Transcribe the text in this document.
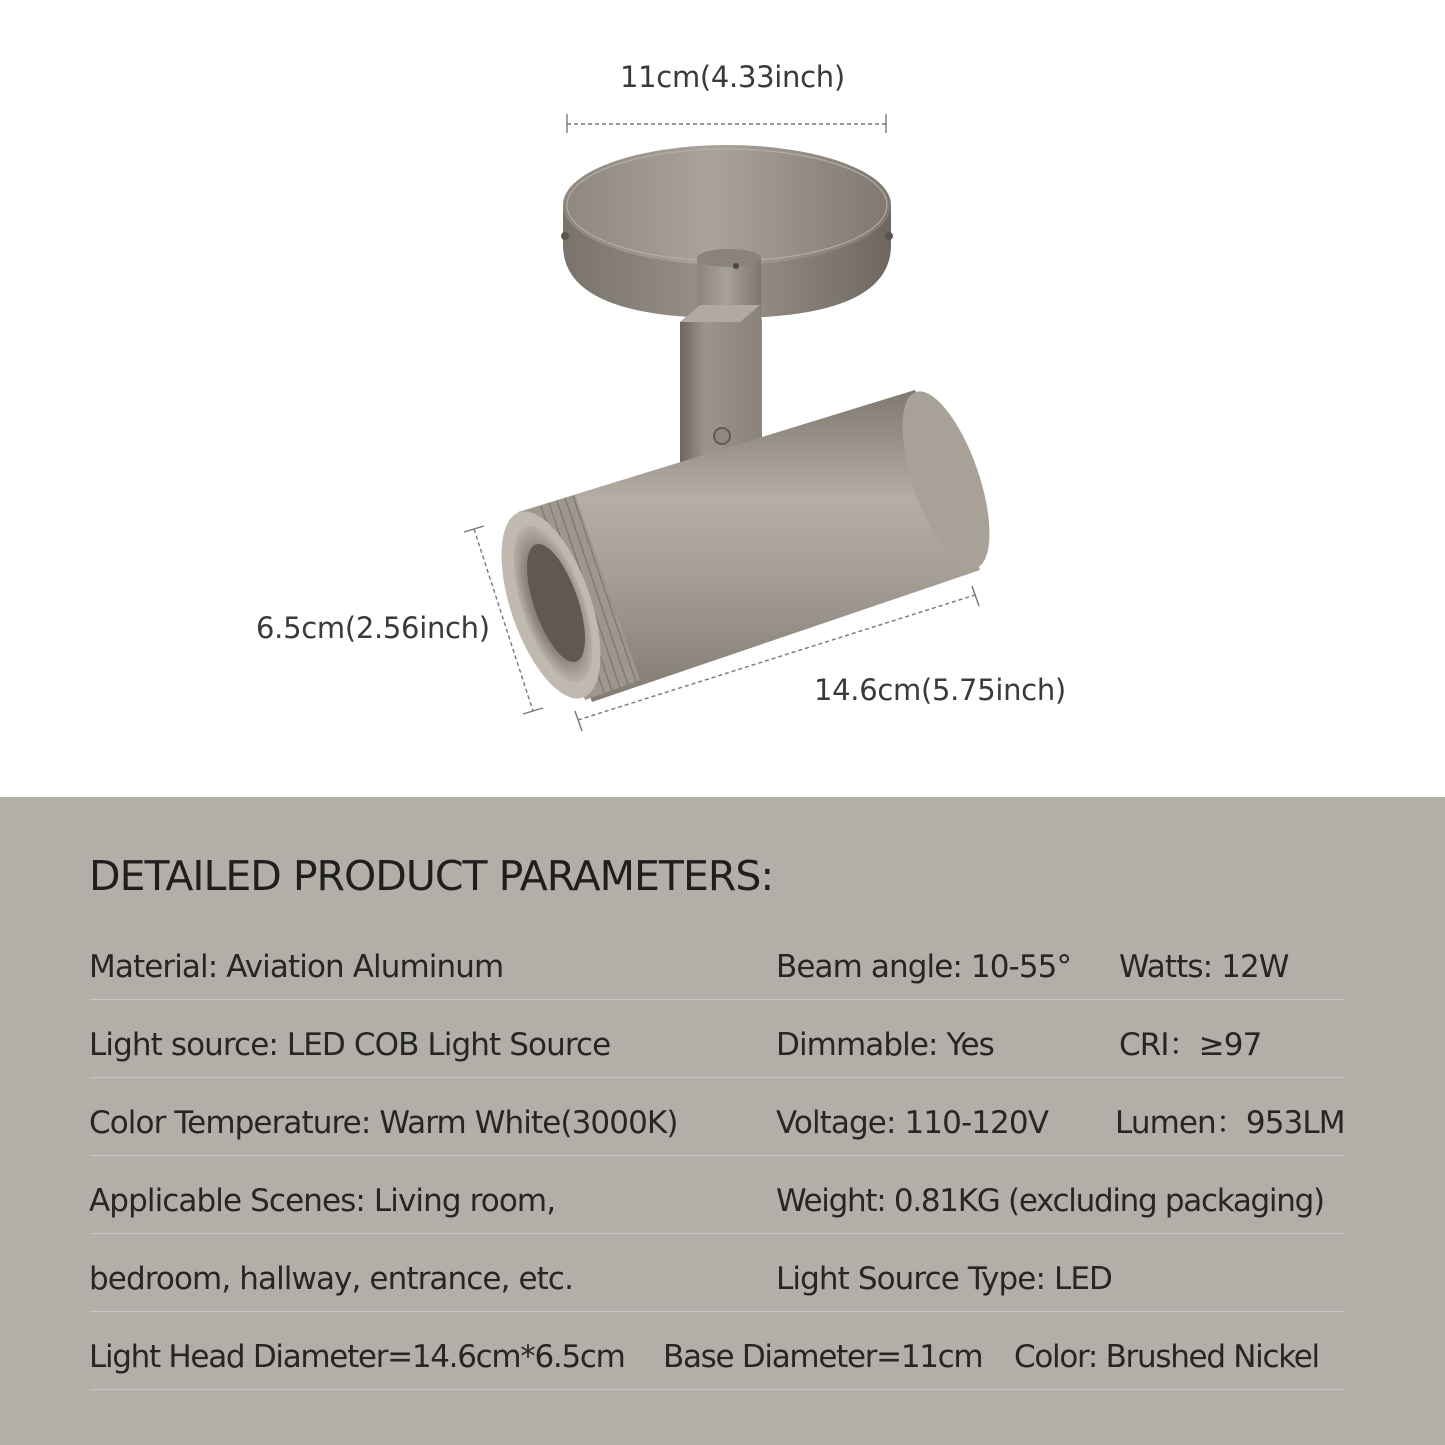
11cm(4.33inch)
6.5cm(2.56inch)
14.6cm(5.75inch)
DETAILED PRODUCT PARAMETERS:
Material: Aviation Aluminum	Beam angle: 10-55° Watts: 12W
Light source: LED COB Light Source	Dimmable: Yes	CRI：≥97
Color Temperature: Warm White(3000K)	Voltage: 110-120V Lumen：953LM
Applicable Scenes: Living room,	Weight: 0.81KG (excluding packaging)
bedroom, hallway, entrance, etc.	Light Source Type: LED
Light Head Diameter=14.6cm*6.5cm Base Diameter=11cm Color: Brushed Nickel
